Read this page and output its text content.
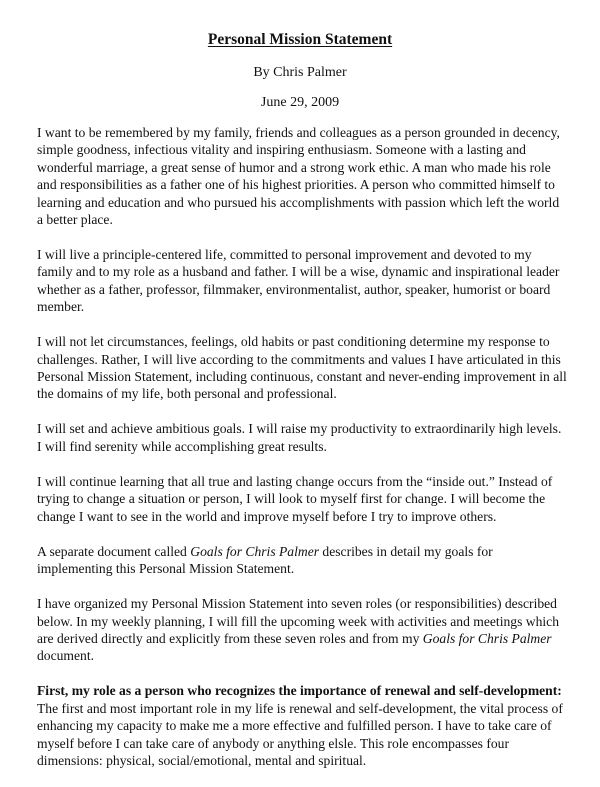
Personal Mission Statement
By Chris Palmer
June 29, 2009

I want to be remembered by my family, friends and colleagues as a person grounded in decency,
simple goodness, infectious vitality and inspiring enthusiasm. Someone with a lasting and
wonderful marriage, a great sense of humor and a strong work ethic. A man who made his role
and responsibilities as a father one of his highest priorities. A person who committed himself to
learning and education and who pursued his accomplishments with passion which left the world
a better place.

I will live a principle-centered life, committed to personal improvement and devoted to my
family and to my role as a husband and father. I will be a wise, dynamic and inspirational leader
whether as a father, professor, filmmaker, environmentalist, author, speaker, humorist or board
member.

I will not let circumstances, feelings, old habits or past conditioning determine my response to
challenges. Rather, I will live according to the commitments and values I have articulated in this
Personal Mission Statement, including continuous, constant and never-ending improvement in all
the domains of my life, both personal and professional.

I will set and achieve ambitious goals. I will raise my productivity to extraordinarily high levels.
I will find serenity while accomplishing great results.

I will continue learning that all true and lasting change occurs from the “inside out.” Instead of
trying to change a situation or person, I will look to myself first for change. I will become the
change I want to see in the world and improve myself before I try to improve others.

A separate document called Goals for Chris Palmer describes in detail my goals for
implementing this Personal Mission Statement.

I have organized my Personal Mission Statement into seven roles (or responsibilities) described
below. In my weekly planning, I will fill the upcoming week with activities and meetings which
are derived directly and explicitly from these seven roles and from my Goals for Chris Palmer
document.

First, my role as a person who recognizes the importance of renewal and self-development:
The first and most important role in my life is renewal and self-development, the vital process of
enhancing my capacity to make me a more effective and fulfilled person. I have to take care of
myself before I can take care of anybody or anything elsle. This role encompasses four
dimensions: physical, social/emotional, mental and spiritual.
